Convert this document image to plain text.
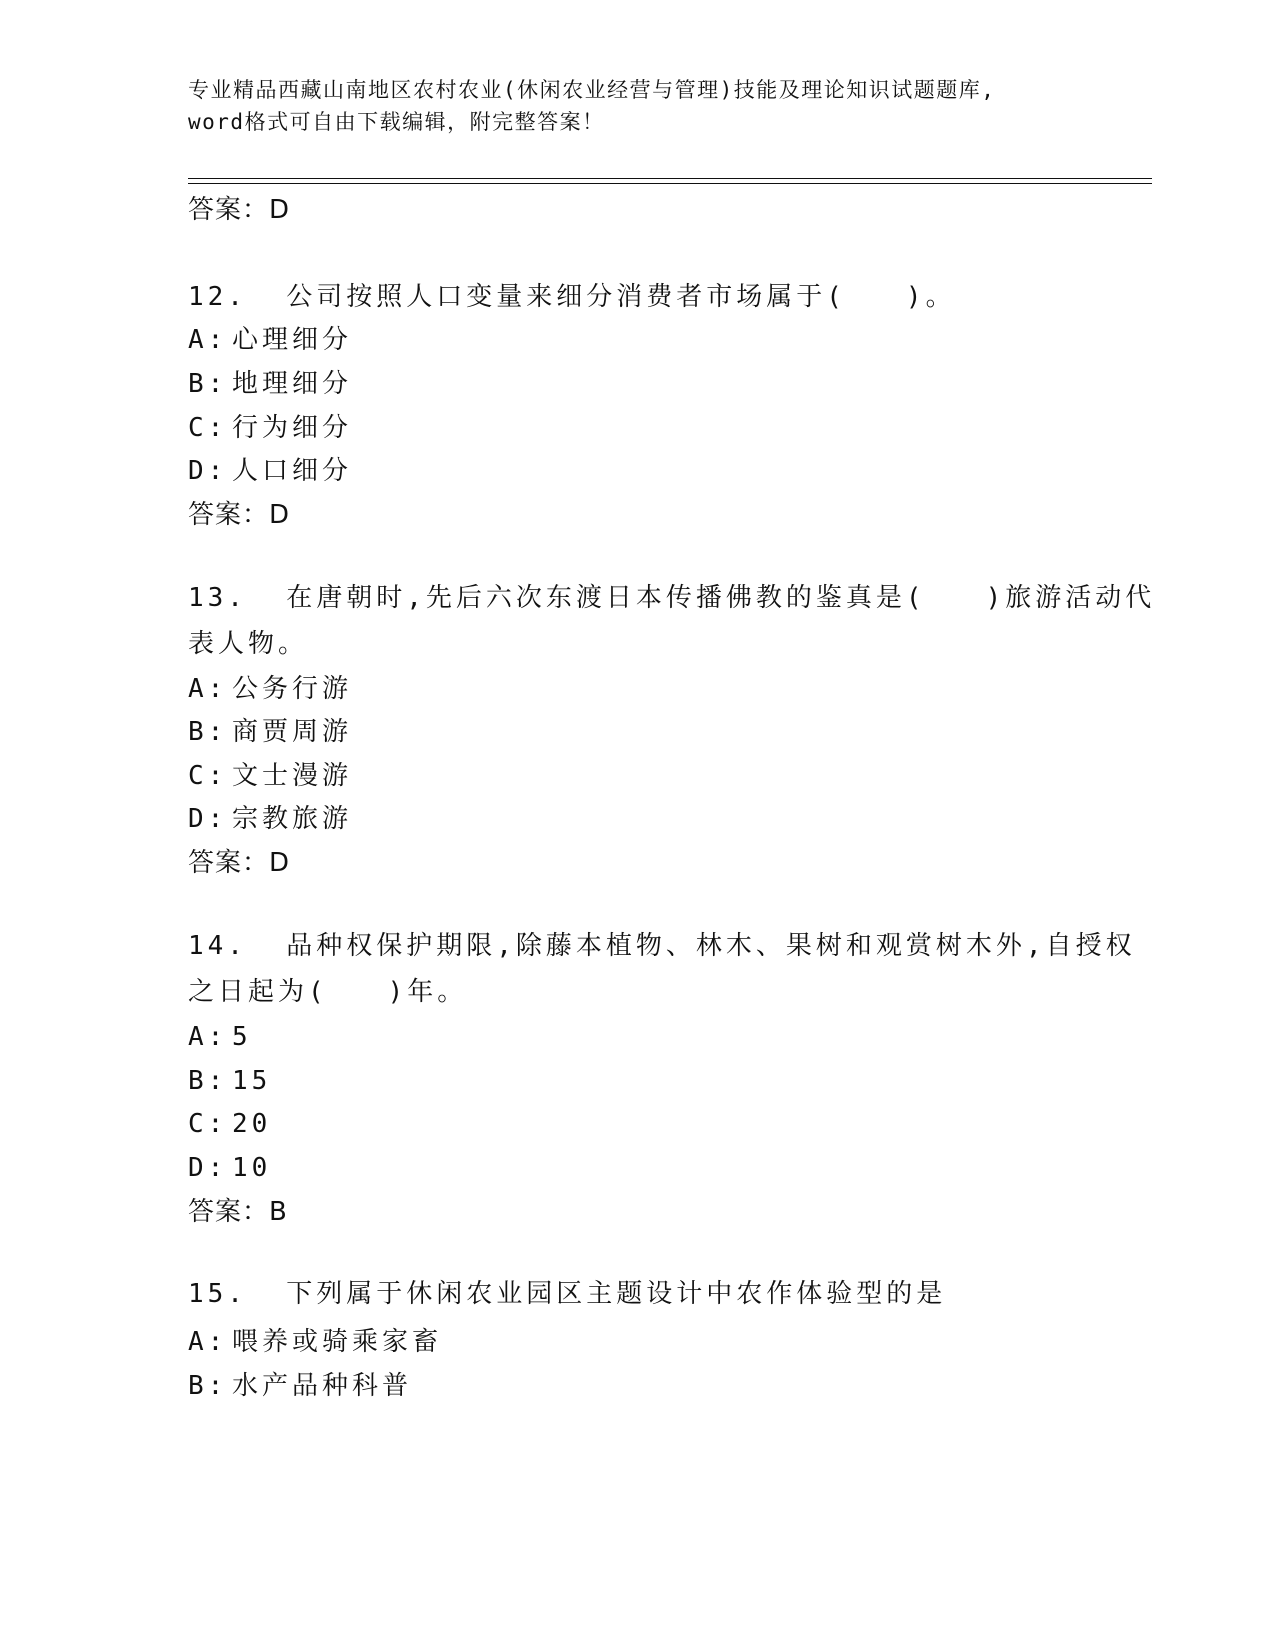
专业精品西藏山南地区农村农业(休闲农业经营与管理)技能及理论知识试题题库,
word格式可自由下载编辑，附完整答案！
答案：D
12. 公司按照人口变量来细分消费者市场属于(　　)。
A: 心理细分
B: 地理细分
C: 行为细分
D: 人口细分
答案：D
13. 在唐朝时,先后六次东渡日本传播佛教的鉴真是(　　)旅游活动代
表人物。
A: 公务行游
B: 商贾周游
C: 文士漫游
D: 宗教旅游
答案：D
14. 品种权保护期限,除藤本植物、林木、果树和观赏树木外,自授权
之日起为(　　)年。
A: 5
B: 15
C: 20
D: 10
答案：B
15. 下列属于休闲农业园区主题设计中农作体验型的是
A: 喂养或骑乘家畜
B: 水产品种科普
